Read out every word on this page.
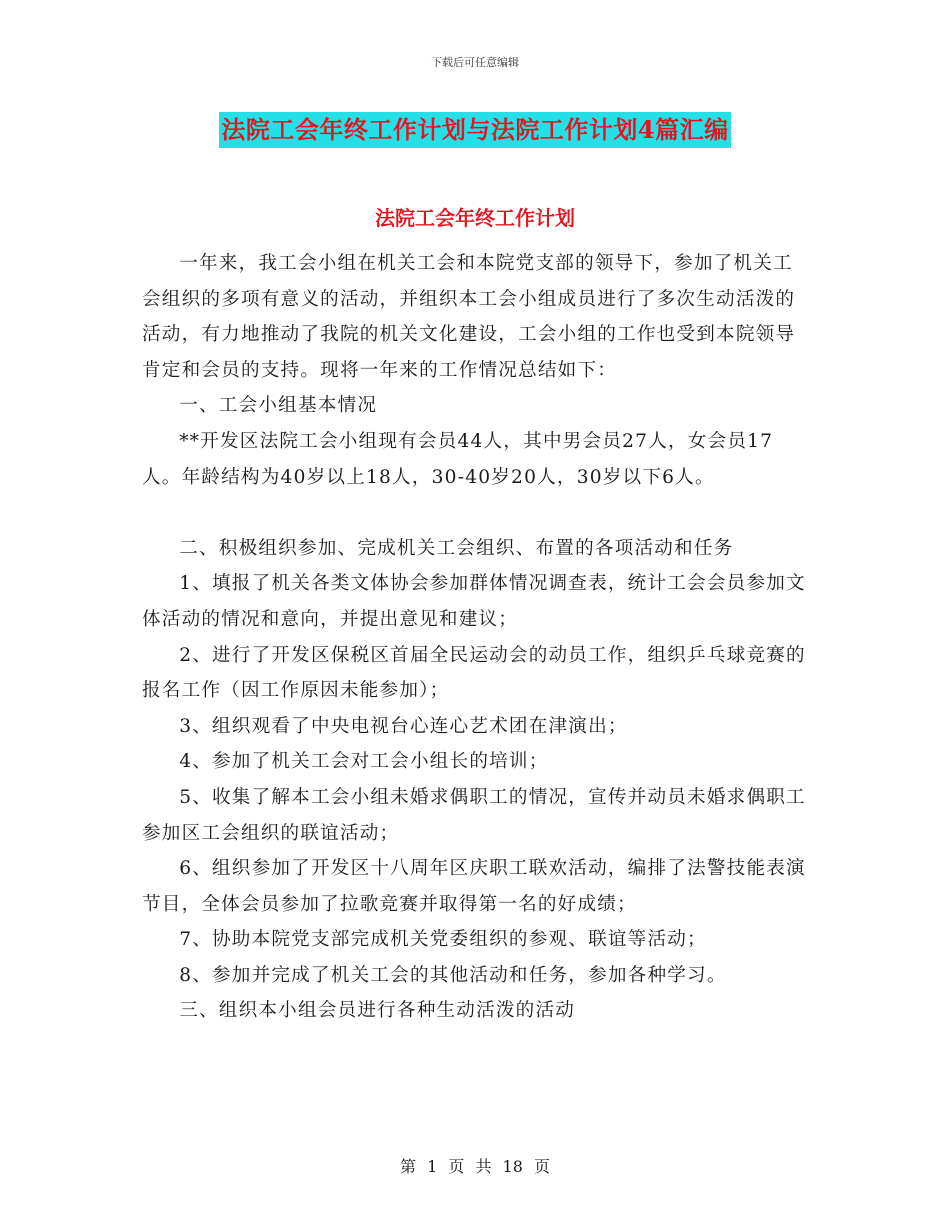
下载后可任意编辑
法院工会年终工作计划与法院工作计划4篇汇编
法院工会年终工作计划

一年来，我工会小组在机关工会和本院党支部的领导下，参加了机关工会组织的多项有意义的活动，并组织本工会小组成员进行了多次生动活泼的活动，有力地推动了我院的机关文化建设，工会小组的工作也受到本院领导肯定和会员的支持。现将一年来的工作情况总结如下：

一、工会小组基本情况

**开发区法院工会小组现有会员44人，其中男会员27人，女会员17人。年龄结构为40岁以上18人，30-40岁20人，30岁以下6人。

二、积极组织参加、完成机关工会组织、布置的各项活动和任务

1、填报了机关各类文体协会参加群体情况调查表，统计工会会员参加文体活动的情况和意向，并提出意见和建议；

2、进行了开发区保税区首届全民运动会的动员工作，组织乒乓球竞赛的报名工作（因工作原因未能参加）；

3、组织观看了中央电视台心连心艺术团在津演出；

4、参加了机关工会对工会小组长的培训；

5、收集了解本工会小组未婚求偶职工的情况，宣传并动员未婚求偶职工参加区工会组织的联谊活动；

6、组织参加了开发区十八周年区庆职工联欢活动，编排了法警技能表演节目，全体会员参加了拉歌竞赛并取得第一名的好成绩；

7、协助本院党支部完成机关党委组织的参观、联谊等活动；

8、参加并完成了机关工会的其他活动和任务，参加各种学习。

三、组织本小组会员进行各种生动活泼的活动

第 1 页 共 18 页
